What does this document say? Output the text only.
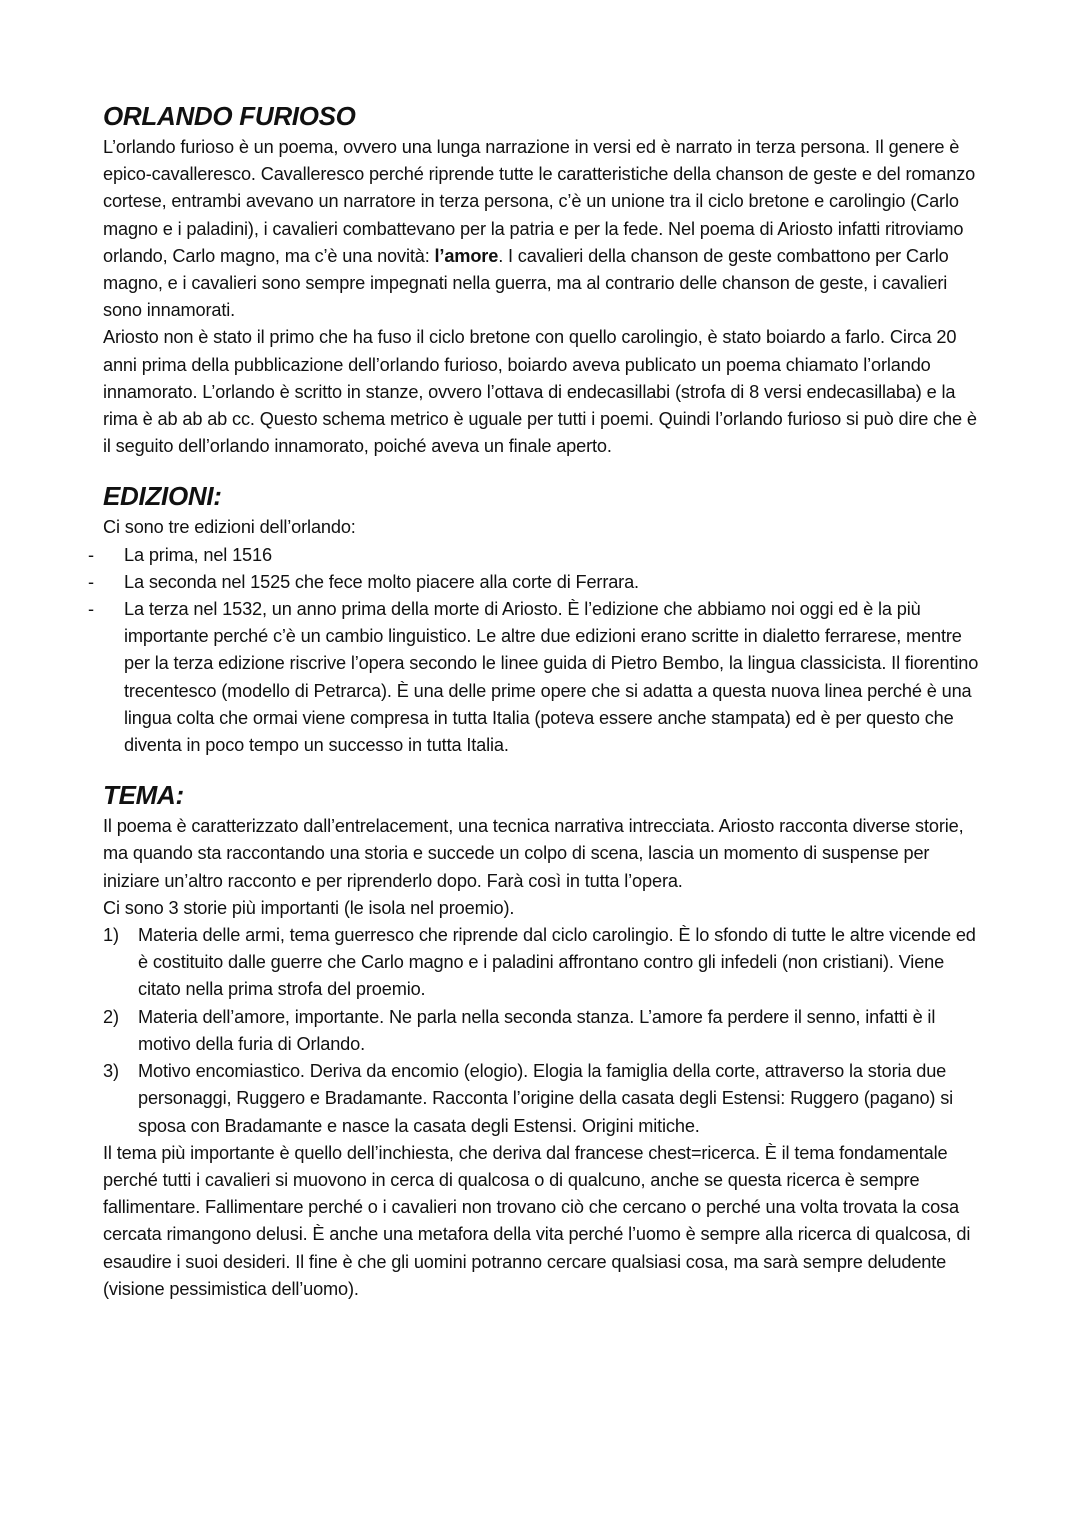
ORLANDO FURIOSO

L’orlando furioso è un poema, ovvero una lunga narrazione in versi ed è narrato in terza persona. Il genere è epico-cavalleresco. Cavalleresco perché riprende tutte le caratteristiche della chanson de geste e del romanzo cortese, entrambi avevano un narratore in terza persona, c’è un unione tra il ciclo bretone e carolingio (Carlo magno e i paladini), i cavalieri combattevano per la patria e per la fede. Nel poema di Ariosto infatti ritroviamo orlando, Carlo magno, ma c’è una novità: l’amore. I cavalieri della chanson de geste combattono per Carlo magno, e i cavalieri sono sempre impegnati nella guerra, ma al contrario delle chanson de geste, i cavalieri sono innamorati.

Ariosto non è stato il primo che ha fuso il ciclo bretone con quello carolingio, è stato boiardo a farlo. Circa 20 anni prima della pubblicazione dell’orlando furioso, boiardo aveva publicato un poema chiamato l’orlando innamorato. L’orlando è scritto in stanze, ovvero l’ottava di endecasillabi (strofa di 8 versi endecasillaba) e la rima è ab ab ab cc. Questo schema metrico è uguale per tutti i poemi. Quindi l’orlando furioso si può dire che è il seguito dell’orlando innamorato, poiché aveva un finale aperto.

EDIZIONI:

Ci sono tre edizioni dell’orlando:

-	La prima, nel 1516
-	La seconda nel 1525 che fece molto piacere alla corte di Ferrara.
-	La terza nel 1532, un anno prima della morte di Ariosto. È l’edizione che abbiamo noi oggi ed è la più importante perché c’è un cambio linguistico. Le altre due edizioni erano scritte in dialetto ferrarese, mentre per la terza edizione riscrive l’opera secondo le linee guida di Pietro Bembo, la lingua classicista. Il fiorentino trecentesco (modello di Petrarca). È una delle prime opere che si adatta a questa nuova linea perché è una lingua colta che ormai viene compresa in tutta Italia (poteva essere anche stampata) ed è per questo che diventa in poco tempo un successo in tutta Italia.
TEMA:

Il poema è caratterizzato dall’entrelacement, una tecnica narrativa intrecciata. Ariosto racconta diverse storie, ma quando sta raccontando una storia e succede un colpo di scena, lascia un momento di suspense per iniziare un’altro racconto e per riprenderlo dopo. Farà così in tutta l’opera.

Ci sono 3 storie più importanti (le isola nel proemio).

1)	Materia delle armi, tema guerresco che riprende dal ciclo carolingio. È lo sfondo di tutte le altre vicende ed è costituito dalle guerre che Carlo magno e i paladini affrontano contro gli infedeli (non cristiani). Viene citato nella prima strofa del proemio.
2)	Materia dell’amore, importante. Ne parla nella seconda stanza. L’amore fa perdere il senno, infatti è il motivo della furia di Orlando.
3)	Motivo encomiastico. Deriva da encomio (elogio). Elogia la famiglia della corte, attraverso la storia due personaggi, Ruggero e Bradamante. Racconta l’origine della casata degli Estensi: Ruggero (pagano) si sposa con Bradamante e nasce la casata degli Estensi. Origini mitiche.

Il tema più importante è quello dell’inchiesta, che deriva dal francese chest=ricerca. È il tema fondamentale perché tutti i cavalieri si muovono in cerca di qualcosa o di qualcuno, anche se questa ricerca è sempre fallimentare. Fallimentare perché o i cavalieri non trovano ciò che cercano o perché una volta trovata la cosa cercata rimangono delusi. È anche una metafora della vita perché l’uomo è sempre alla ricerca di qualcosa, di esaudire i suoi desideri. Il fine è che gli uomini potranno cercare qualsiasi cosa, ma sarà sempre deludente (visione pessimistica dell’uomo).
